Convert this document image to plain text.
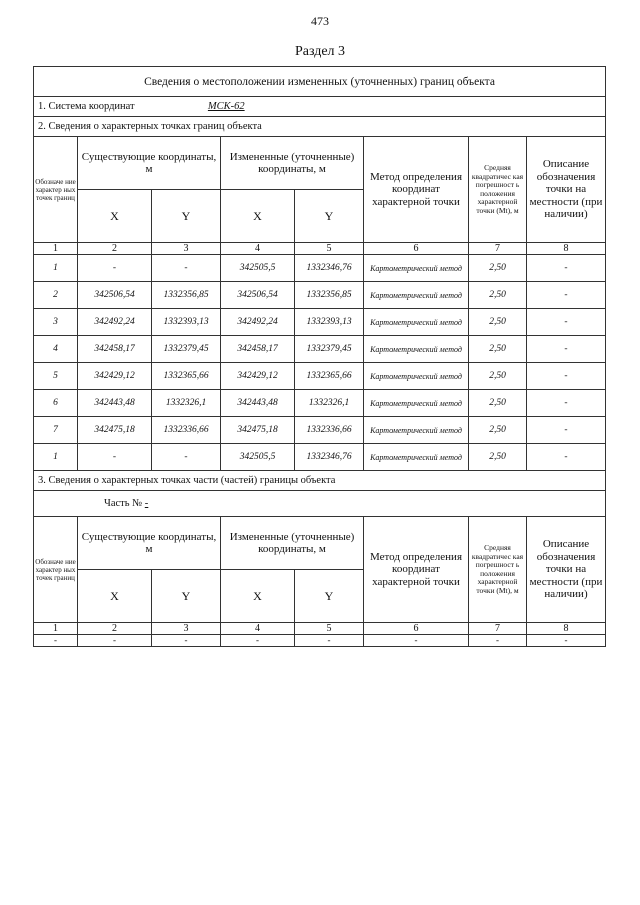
473
Раздел 3
Сведения о местоположении измененных (уточненных) границ объекта							
1. Система координат МСК-62							
2. Сведения о характерных точках границ объекта							
Обозначе ние характер ных точек границ	Существующие координаты, м		Измененные (уточненные) координаты, м		Метод определения координат характерной точки	Средняя квадратичес кая погрешност ь положения характерной точки (Mt), м	Описание обозначения точки на местности (при наличии)
	X	Y	X	Y			
1	2	3	4	5	6	7	8
1	-	-	342505,5	1332346,76	Картометрический метод	2,50	-
2	342506,54	1332356,85	342506,54	1332356,85	Картометрический метод	2,50	-
3	342492,24	1332393,13	342492,24	1332393,13	Картометрический метод	2,50	-
4	342458,17	1332379,45	342458,17	1332379,45	Картометрический метод	2,50	-
5	342429,12	1332365,66	342429,12	1332365,66	Картометрический метод	2,50	-
6	342443,48	1332326,1	342443,48	1332326,1	Картометрический метод	2,50	-
7	342475,18	1332336,66	342475,18	1332336,66	Картометрический метод	2,50	-
1	-	-	342505,5	1332346,76	Картометрический метод	2,50	-
3. Сведения о характерных точках части (частей) границы объекта							
Часть № -							
Обозначе ние характер ных точек границ	Существующие координаты, м		Измененные (уточненные) координаты, м		Метод определения координат характерной точки	Средняя квадратичес кая погрешност ь положения характерной точки (Mt), м	Описание обозначения точки на местности (при наличии)
	X	Y	X	Y			
1	2	3	4	5	6	7	8
-	-	-	-	-	-	-	-
